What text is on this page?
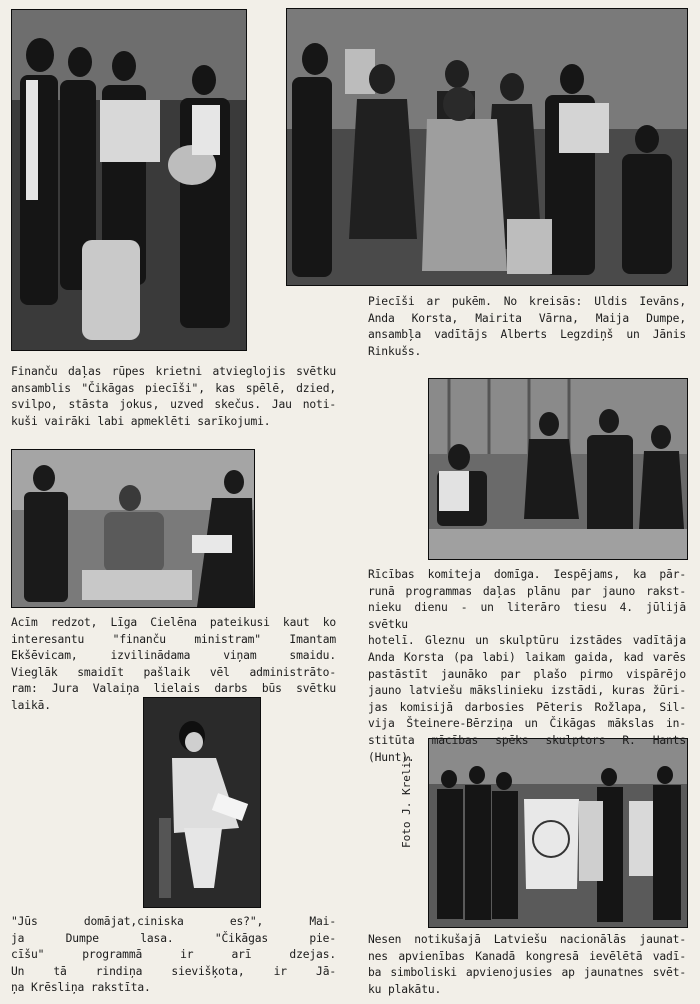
Finanču daļas rūpes krietni atvieglojis svētku
ansamblis "Čikāgas piecīši", kas spēlē, dzied,
svilpo, stāsta jokus, uzved skečus. Jau noti-
kuši vairāki labi apmeklēti sarīkojumi.
Piecīši ar pukēm. No kreisās: Uldis Ievāns,
Anda Korsta, Mairita Vārna, Maija Dumpe,
ansambļa vadītājs Alberts Legzdiņš un Jānis
Rinkušs.
Acīm redzot, Līga Cielēna pateikusi kaut ko
interesantu "finanču ministram" Imantam
Ekšēvicam, izvilinādama viņam smaidu.
Vieglāk smaidīt pašlaik vēl administrāto-
ram: Jura Valaiņa lielais darbs būs svētku
laikā.
Rīcības komiteja domīga. Iespējams, ka pār-
runā programmas daļas plānu par jauno rakst-
nieku dienu - un literāro tiesu 4. jūlijā svētku
hotelī. Gleznu un skulptūru izstādes vadītāja
Anda Korsta (pa labi) laikam gaida, kad varēs
pastāstīt jaunāko par plašo pirmo vispārējo
jauno latviešu mākslinieku izstādi, kuras žūri-
jas komisijā darbosies Pēteris Rožlapa, Sil-
vija Šteinere-Bērziņa un Čikāgas mākslas in-
stitūta mācības spēks skulptors R. Hants
(Hunt).
"Jūs domājat,ciniska es?", Mai-
ja Dumpe lasa. "Čikāgas pie-
cīšu" programmā ir arī dzejas.
Un tā rindiņa sievišķota, ir Jā-
ņa Krēsliņa rakstīta.
Nesen notikušajā Latviešu nacionālās jaunat-
nes apvienības Kanadā kongresā ievēlētā vadī-
ba simboliski apvienojusies ap jaunatnes svēt-
ku plakātu.
Foto J. Krelis
